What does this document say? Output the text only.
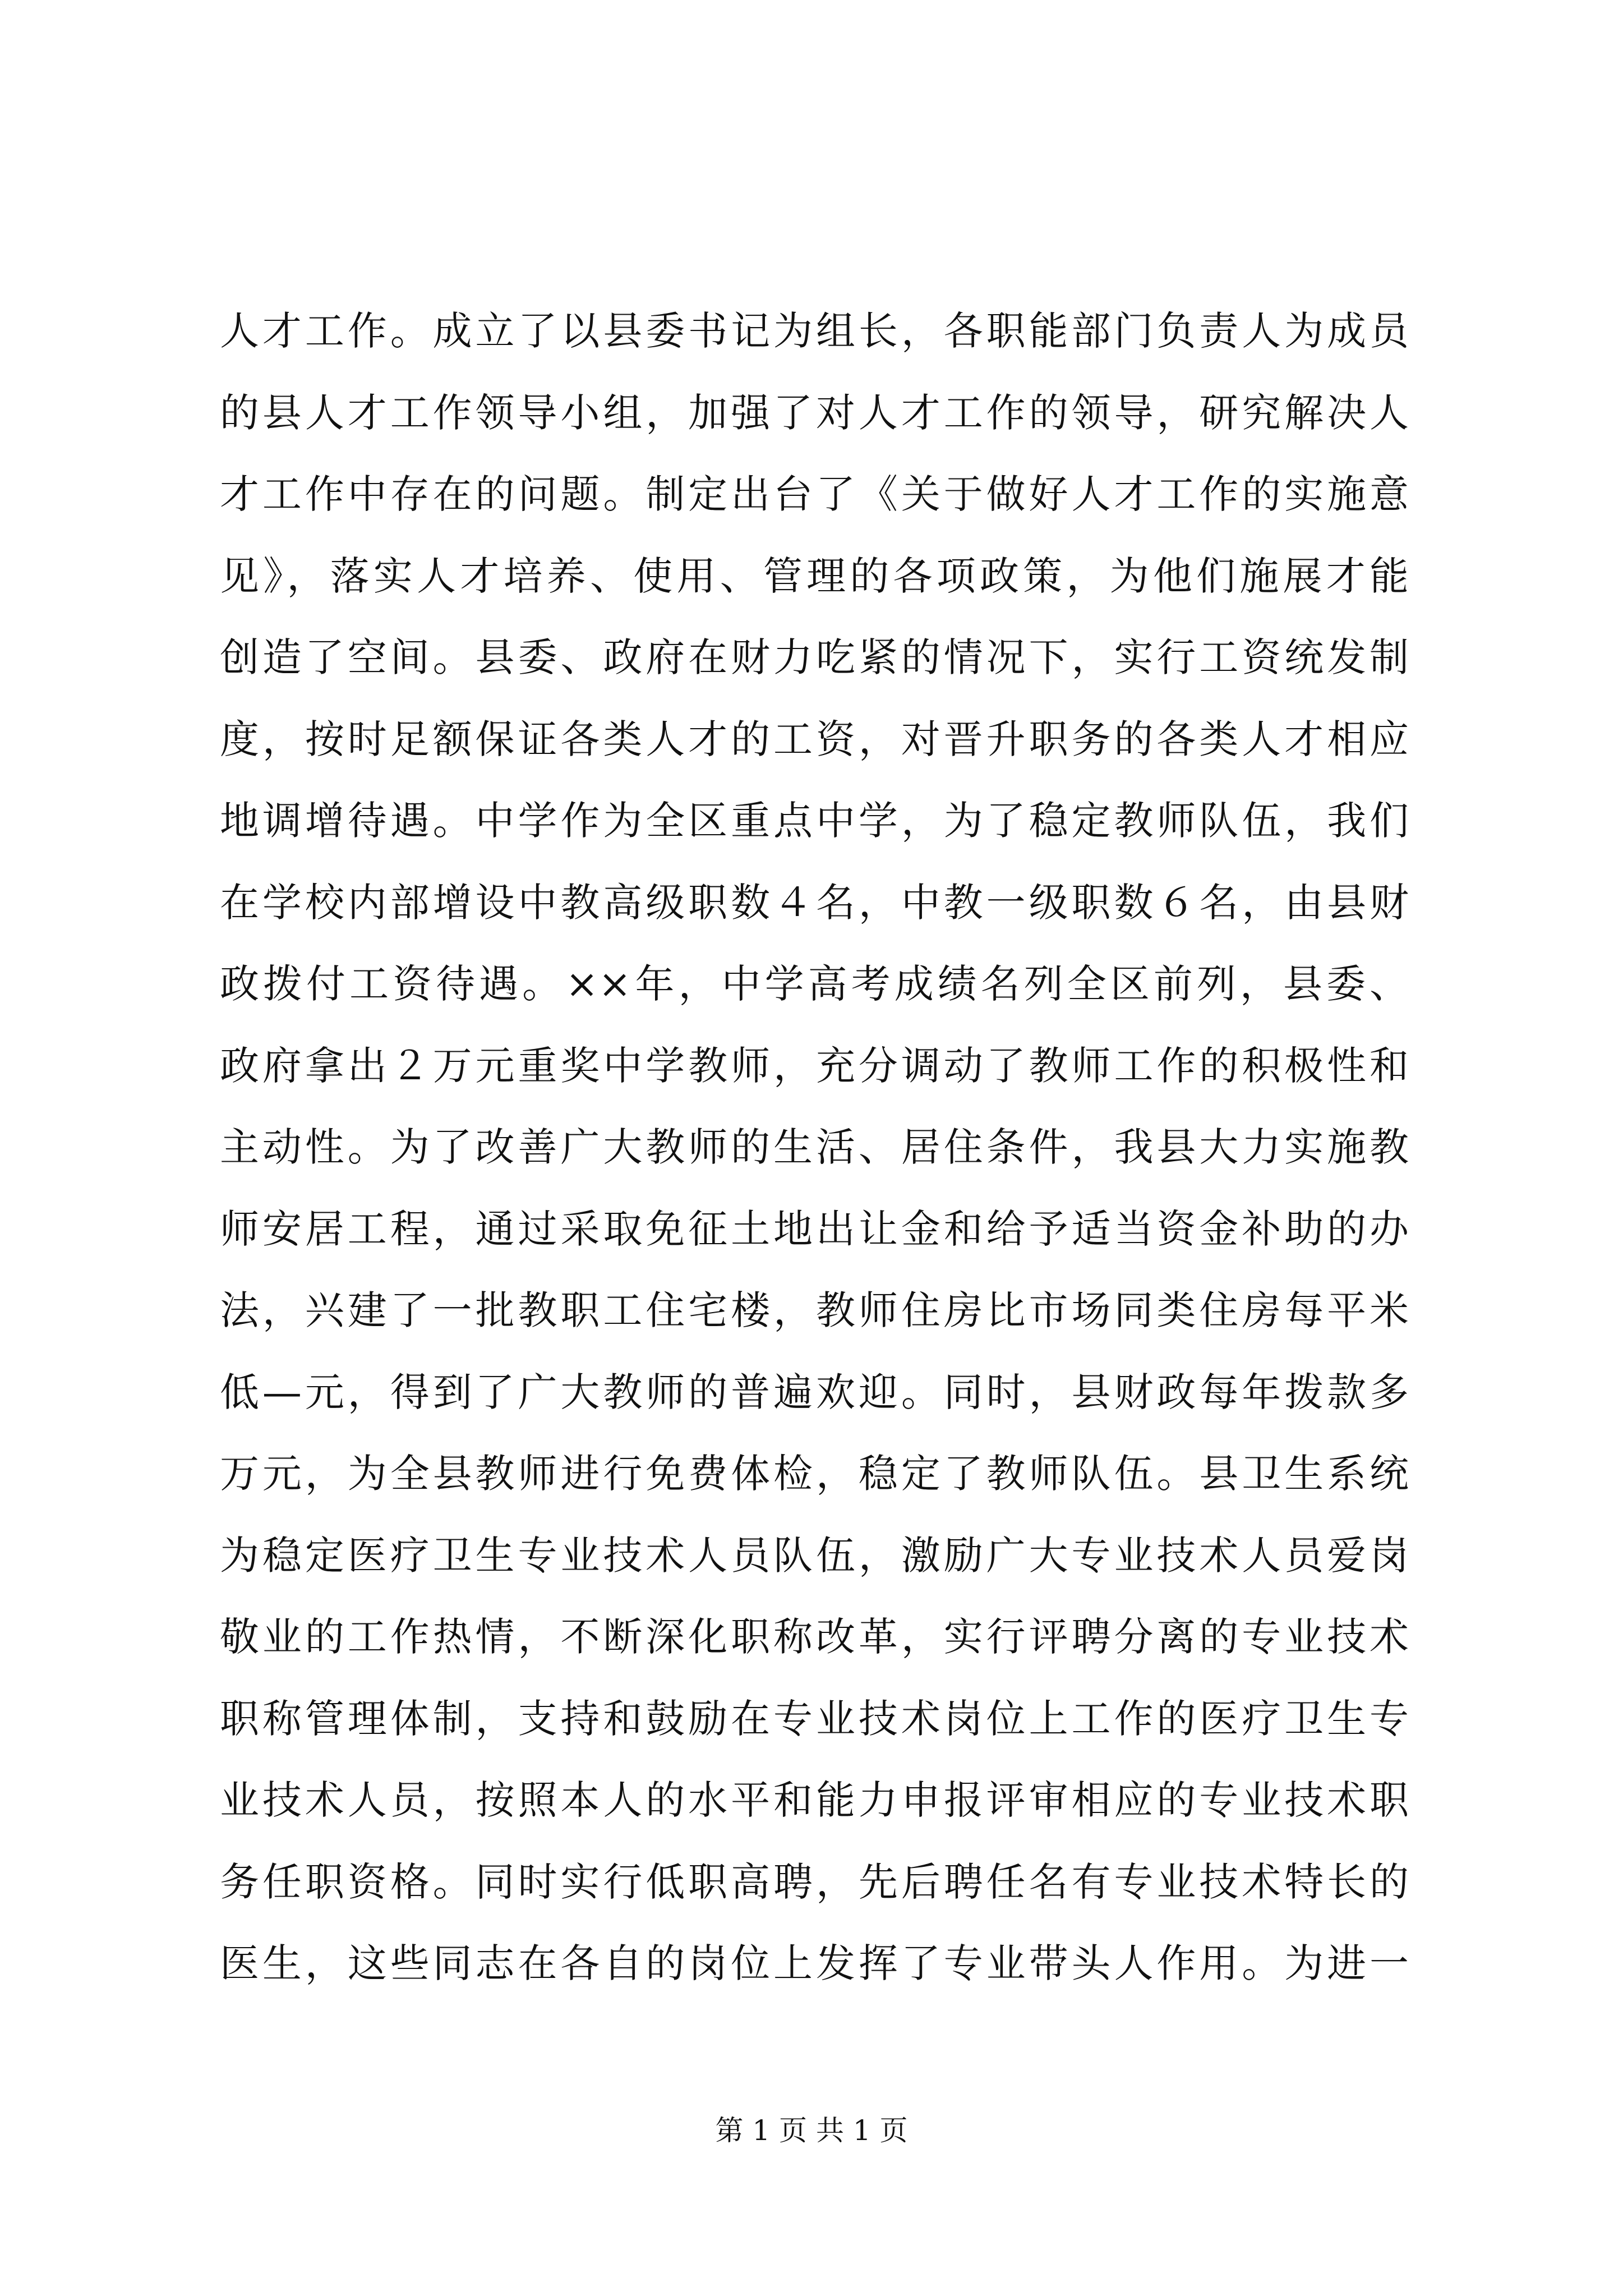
人才工作。成立了以县委书记为组长，各职能部门负责人为成员
的县人才工作领导小组，加强了对人才工作的领导，研究解决人
才工作中存在的问题。制定出台了《关于做好人才工作的实施意
见》，落实人才培养、使用、管理的各项政策，为他们施展才能
创造了空间。县委、政府在财力吃紧的情况下，实行工资统发制
度，按时足额保证各类人才的工资，对晋升职务的各类人才相应
地调增待遇。中学作为全区重点中学，为了稳定教师队伍，我们
在学校内部增设中教高级职数４名，中教一级职数６名，由县财
政拨付工资待遇。××年，中学高考成绩名列全区前列，县委、
政府拿出２万元重奖中学教师，充分调动了教师工作的积极性和
主动性。为了改善广大教师的生活、居住条件，我县大力实施教
师安居工程，通过采取免征土地出让金和给予适当资金补助的办
法，兴建了一批教职工住宅楼，教师住房比市场同类住房每平米
低—元，得到了广大教师的普遍欢迎。同时，县财政每年拨款多
万元，为全县教师进行免费体检，稳定了教师队伍。县卫生系统
为稳定医疗卫生专业技术人员队伍，激励广大专业技术人员爱岗
敬业的工作热情，不断深化职称改革，实行评聘分离的专业技术
职称管理体制，支持和鼓励在专业技术岗位上工作的医疗卫生专
业技术人员，按照本人的水平和能力申报评审相应的专业技术职
务任职资格。同时实行低职高聘，先后聘任名有专业技术特长的
医生，这些同志在各自的岗位上发挥了专业带头人作用。为进一
第 1 页 共 1 页
